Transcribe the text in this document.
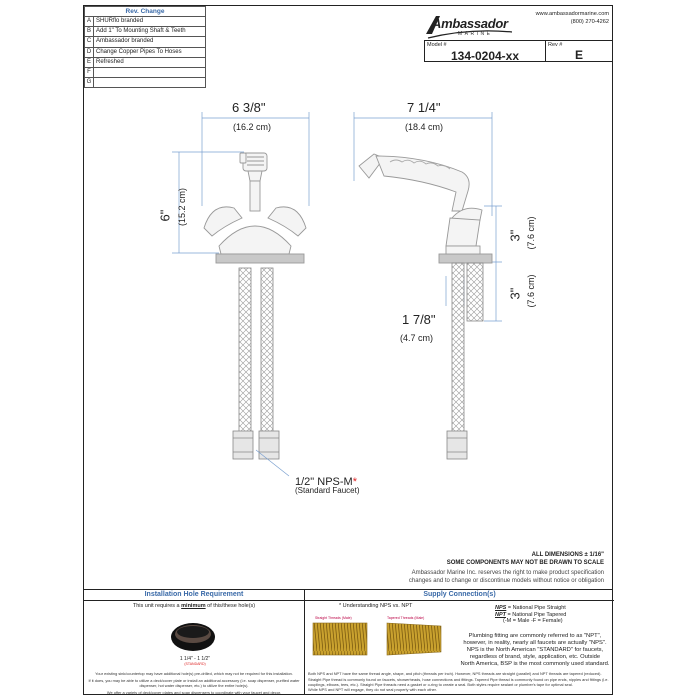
Rev. Change	
A	SHURflo branded
B	Add 1" To Mounting Shaft & Teeth
C	Ambassador branded
D	Change Copper Pipes To Hoses
E	Refreshed
F	
G	
Ambassador
MARINE
www.ambassadormarine.com
(800) 270-4262
Model #
134-0204-xx
Rev #
E
6 3/8"
(16.2 cm)
6" (15.2 cm)
1/2" NPS-M*
(Standard Faucet)
7 1/4"
(18.4 cm)
3" (7.6 cm)
3" (7.6 cm)
1 7/8"
(4.7 cm)
ALL DIMENSIONS ± 1/16"
SOME COMPONENTS MAY NOT BE DRAWN TO SCALE
Ambassador Marine Inc. reserves the right to make product specification
changes and to change or discontinue models without notice or obligation
Installation Hole Requirement
This unit requires a minimum of this/these hole(s)
1 1/4" - 1 1/2"
(STANDARD)
Your existing sink/countertop may have additional hole(s) pre-drilled, which may not be required for this installation.
If it does, you may be able to utilize a deck/cover plate or install an additional accessory (i.e. soap dispenser, purified water dispenser, hot water dispenser, etc.) to utilize the entire hole(s).
We offer a variety of deck/cover plates and soap dispensers to coordinate with your faucet and decor.
Supply Connection(s)
* Understanding NPS vs. NPT
Straight Threads (Male)	Tapered Threads (Male)
NPS = National Pipe Straight
NPT = National Pipe Tapered
(-M = Male -F = Female)
Plumbing fitting are commonly referred to as "NPT",
however, in reality, nearly all faucets are actually "NPS".
NPS is the North American "STANDARD" for faucets,
regardless of brand, style, application, etc. Outside
North America, BSP is the most commonly used standard.
Both NPS and NPT have the same thread angle, shape, and pitch (threads per inch). However, NPS threads are straight (parallel) and NPT threads are tapered (reduced).
Straight Pipe thread is commonly found on faucets, showerheads, hose connections and fittings. Tapered Pipe thread is commonly found on pipe ends, nipples and fittings (i.e. couplings, elbows, tees, etc.). Straight Pipe threads need a gasket or o-ring to create a seal. Both styles require sealant or plumber's tape for optimal seal.
While NPS and NPT will engage, they do not seal properly with each other.
